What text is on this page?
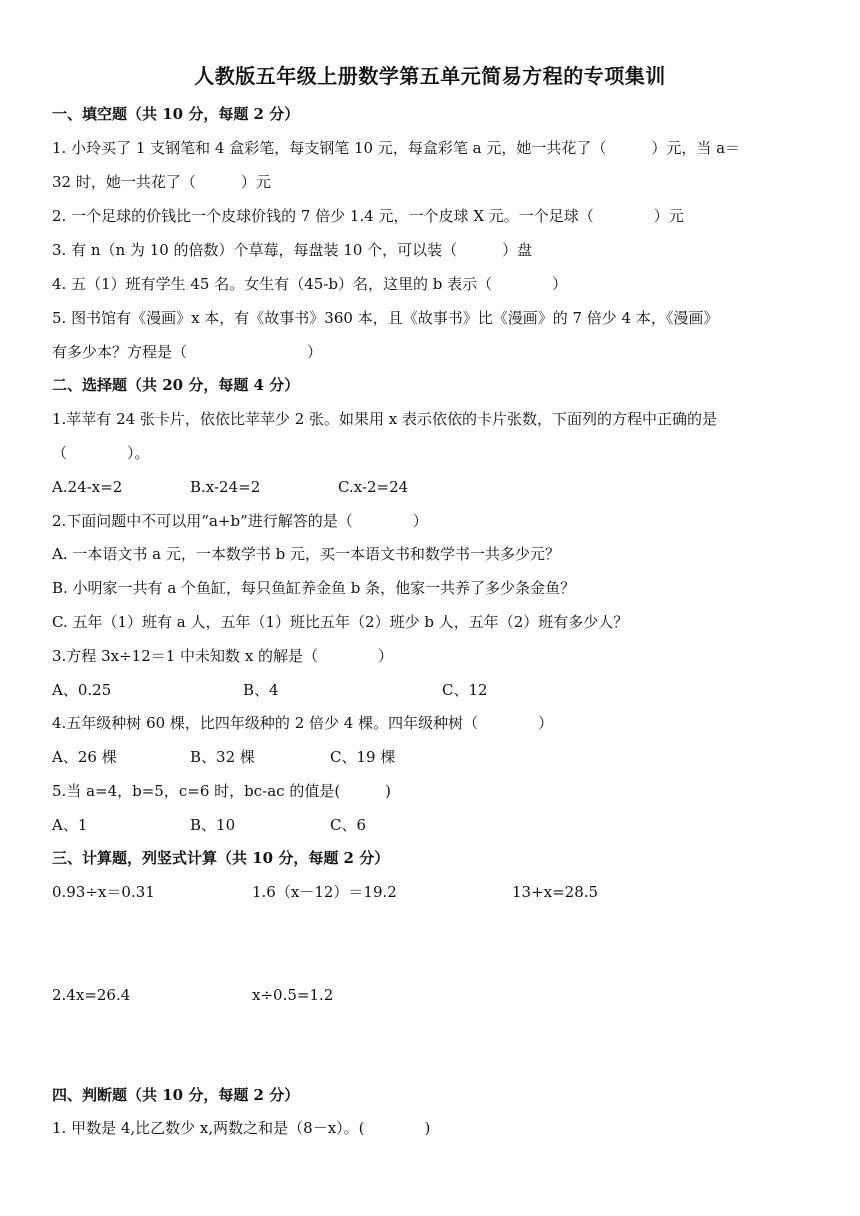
人教版五年级上册数学第五单元简易方程的专项集训
一、填空题（共 10 分，每题 2 分）
1. 小玲买了 1 支钢笔和 4 盒彩笔，每支钢笔 10 元，每盒彩笔 a 元，她一共花了（　　　）元，当 a＝
32 时，她一共花了（　　　）元
2. 一个足球的价钱比一个皮球价钱的 7 倍少 1.4 元，一个皮球 X 元。一个足球（　　　　）元
3. 有 n（n 为 10 的倍数）个草莓，每盘装 10 个，可以装（　　　）盘
4. 五（1）班有学生 45 名。女生有（45-b）名，这里的 b 表示（　　　　）
5. 图书馆有《漫画》x 本，有《故事书》360 本，且《故事书》比《漫画》的 7 倍少 4 本，《漫画》
有多少本？方程是（　　　　　　　　）
二、选择题（共 20 分，每题 4 分）
1.苹苹有 24 张卡片，依依比苹苹少 2 张。如果用 x 表示依依的卡片张数，下面列的方程中正确的是
（　　　　）。
A.24-x=2	B.x-24=2	C.x-2=24
2.下面问题中不可以用“a+b”进行解答的是（　　　　）
A. 一本语文书 a 元，一本数学书 b 元，买一本语文书和数学书一共多少元？
B. 小明家一共有 a 个鱼缸，每只鱼缸养金鱼 b 条，他家一共养了多少条金鱼？
C. 五年（1）班有 a 人，五年（1）班比五年（2）班少 b 人，五年（2）班有多少人？
3.方程 3x÷12＝1 中未知数 x 的解是（　　　　）
A、0.25	B、4	C、12
4.五年级种树 60 棵，比四年级种的 2 倍少 4 棵。四年级种树（　　　　）
A、26 棵	B、32 棵	C、19 棵
5.当 a=4，b=5，c=6 时，bc-ac 的值是(　　　)
A、1	B、10	C、6
三、计算题，列竖式计算（共 10 分，每题 2 分）
0.93÷x＝0.31	1.6（x－12）＝19.2	13+x=28.5
2.4x=26.4	x÷0.5=1.2
四、判断题（共 10 分，每题 2 分）
1. 甲数是 4,比乙数少 x,两数之和是（8－x）。(　　　　)
